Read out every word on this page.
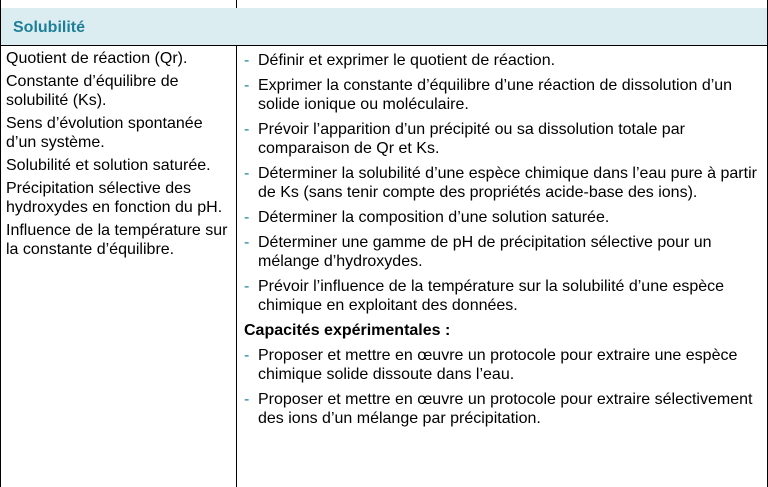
Solubilité
Quotient de réaction (Qr).
Constante d’équilibre de solubilité (Ks).
Sens d’évolution spontanée d’un système.
Solubilité et solution saturée.
Précipitation sélective des hydroxydes en fonction du pH.
Influence de la température sur la constante d’équilibre.
- Définir et exprimer le quotient de réaction.
- Exprimer la constante d’équilibre d’une réaction de dissolution d’un solide ionique ou moléculaire.
- Prévoir l’apparition d’un précipité ou sa dissolution totale par comparaison de Qr et Ks.
- Déterminer la solubilité d’une espèce chimique dans l’eau pure à partir de Ks (sans tenir compte des propriétés acide-base des ions).
- Déterminer la composition d’une solution saturée.
- Déterminer une gamme de pH de précipitation sélective pour un mélange d’hydroxydes.
- Prévoir l’influence de la température sur la solubilité d’une espèce chimique en exploitant des données.
Capacités expérimentales :
- Proposer et mettre en œuvre un protocole pour extraire une espèce chimique solide dissoute dans l’eau.
- Proposer et mettre en œuvre un protocole pour extraire sélectivement des ions d’un mélange par précipitation.
